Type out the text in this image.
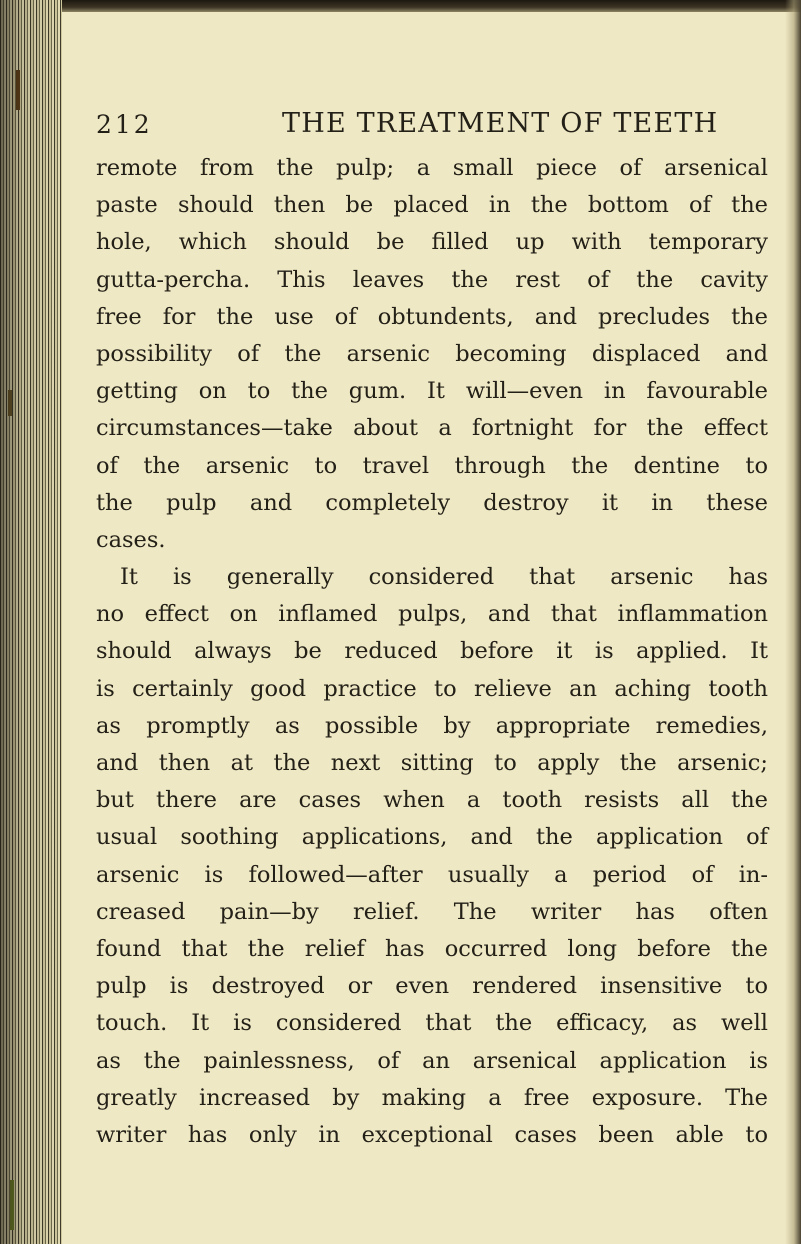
212	THE TREATMENT OF TEETH
remote from the pulp; a small piece of arsenical
paste should then be placed in the bottom of the
hole, which should be filled up with temporary
gutta-percha. This leaves the rest of the cavity
free for the use of obtundents, and precludes the
possibility of the arsenic becoming displaced and
getting on to the gum. It will—even in favourable
circumstances—take about a fortnight for the effect
of the arsenic to travel through the dentine to
the pulp and completely destroy it in these
cases.
It is generally considered that arsenic has
no effect on inflamed pulps, and that inflammation
should always be reduced before it is applied. It
is certainly good practice to relieve an aching tooth
as promptly as possible by appropriate remedies,
and then at the next sitting to apply the arsenic;
but there are cases when a tooth resists all the
usual soothing applications, and the application of
arsenic is followed—after usually a period of in-
creased pain—by relief. The writer has often
found that the relief has occurred long before the
pulp is destroyed or even rendered insensitive to
touch. It is considered that the efficacy, as well
as the painlessness, of an arsenical application is
greatly increased by making a free exposure. The
writer has only in exceptional cases been able to
